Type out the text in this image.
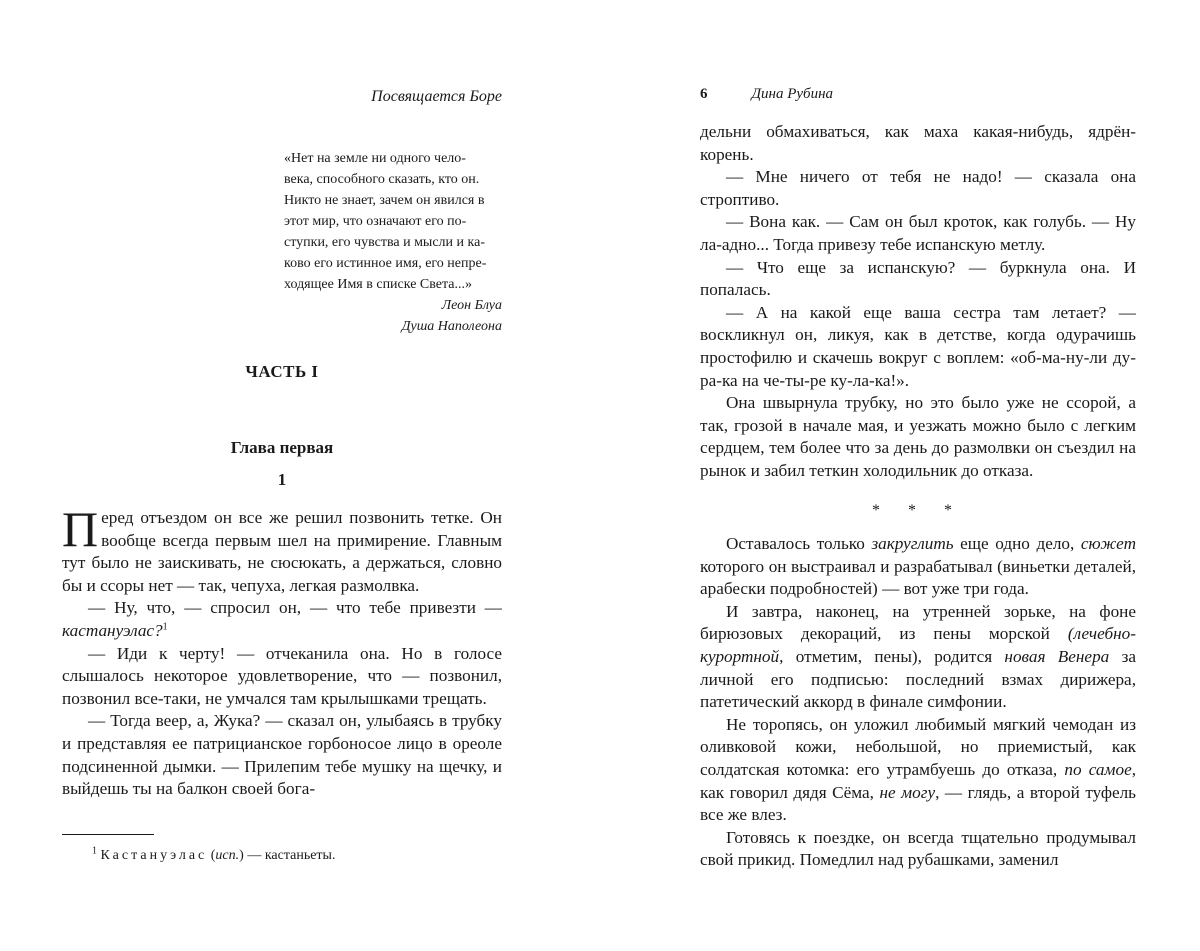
Посвящается Боре

«Нет на земле ни одного чело-

века, способного сказать, кто он.

Никто не знает, зачем он явился в

этот мир, что означают его по-

ступки, его чувства и мысли и ка-

ково его истинное имя, его непре-

ходящее Имя в списке Света...»

Леон Блуа
Душа Наполеона
ЧАСТЬ I
Глава первая
1

Перед отъездом он все же решил позвонить тетке. Он вообще всегда первым шел на примирение. Главным тут было не заискивать, не сюсюкать, а держаться, словно бы и ссоры нет — так, чепуха, легкая размолвка.

— Ну, что, — спросил он, — что тебе привезти — кастануэлас?$^1$

— Иди к черту! — отчеканила она. Но в голосе слышалось некоторое удовлетворение, что — позвонил, позвонил все-таки, не умчался там крылышками трещать.

— Тогда веер, а, Жука? — сказал он, улыбаясь в трубку и представляя ее патрицианское горбоносое лицо в ореоле подсиненной дымки. — Прилепим тебе мушку на щечку, и выйдешь ты на балкон своей бога-

$^1$ Кастануэлас (исп.) — кастаньеты.
6	Дина Рубина

дельни обмахиваться, как маха какая-нибудь, ядрён-корень.

— Мне ничего от тебя не надо! — сказала она строптиво.

— Вона как. — Сам он был кроток, как голубь. — Ну ла-адно... Тогда привезу тебе испанскую метлу.

— Что еще за испанскую? — буркнула она. И попалась.

— А на какой еще ваша сестра там летает? — воскликнул он, ликуя, как в детстве, когда одурачишь простофилю и скачешь вокруг с воплем: «об-ма-ну-ли ду-ра-ка на че-ты-ре ку-ла-ка!».

Она швырнула трубку, но это было уже не ссорой, а так, грозой в начале мая, и уезжать можно было с легким сердцем, тем более что за день до размолвки он съездил на рынок и забил теткин холодильник до отказа.

* * *

Оставалось только закруглить еще одно дело, сюжет которого он выстраивал и разрабатывал (виньетки деталей, арабески подробностей) — вот уже три года.

И завтра, наконец, на утренней зорьке, на фоне бирюзовых декораций, из пены морской (лечебно-курортной, отметим, пены), родится новая Венера за личной его подписью: последний взмах дирижера, патетический аккорд в финале симфонии.

Не торопясь, он уложил любимый мягкий чемодан из оливковой кожи, небольшой, но приемистый, как солдатская котомка: его утрамбуешь до отказа, по самое, как говорил дядя Сёма, не могу, — глядь, а второй туфель все же влез.

Готовясь к поездке, он всегда тщательно продумывал свой прикид. Помедлил над рубашками, заменил
